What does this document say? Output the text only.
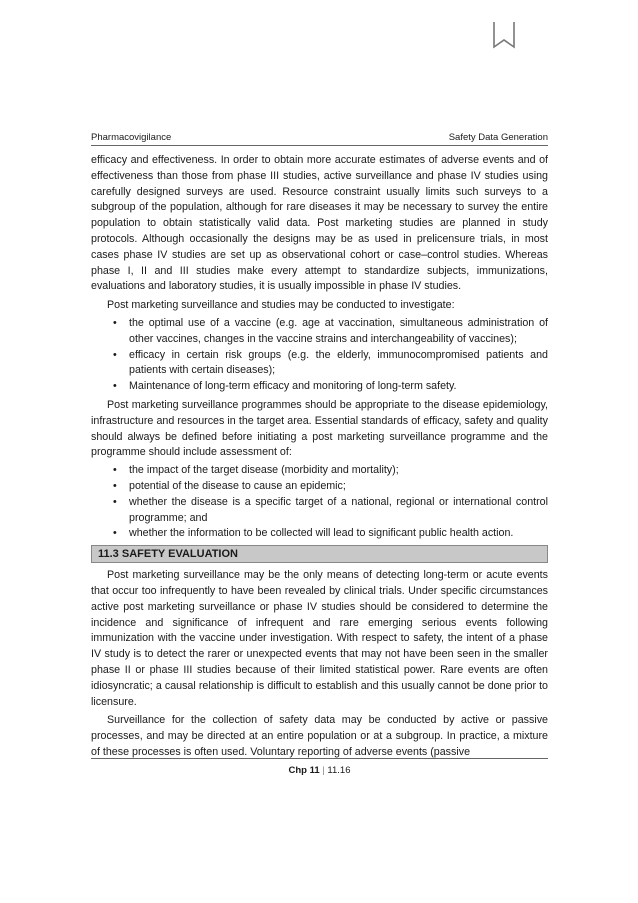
Pharmacovigilance	Safety Data Generation

efficacy and effectiveness. In order to obtain more accurate estimates of adverse events and of effectiveness than those from phase III studies, active surveillance and phase IV studies using carefully designed surveys are used. Resource constraint usually limits such surveys to a subgroup of the population, although for rare diseases it may be necessary to survey the entire population to obtain statistically valid data. Post marketing studies are planned in study protocols. Although occasionally the designs may be as used in prelicensure trials, in most cases phase IV studies are set up as observational cohort or case–control studies. Whereas phase I, II and III studies make every attempt to standardize subjects, immunizations, evaluations and laboratory studies, it is usually impossible in phase IV studies.

Post marketing surveillance and studies may be conducted to investigate:

• the optimal use of a vaccine (e.g. age at vaccination, simultaneous administration of other vaccines, changes in the vaccine strains and interchangeability of vaccines);
• efficacy in certain risk groups (e.g. the elderly, immunocompromised patients and patients with certain diseases);
• Maintenance of long-term efficacy and monitoring of long-term safety.

Post marketing surveillance programmes should be appropriate to the disease epidemiology, infrastructure and resources in the target area. Essential standards of efficacy, safety and quality should always be defined before initiating a post marketing surveillance programme and the programme should include assessment of:

• the impact of the target disease (morbidity and mortality);
• potential of the disease to cause an epidemic;
• whether the disease is a specific target of a national, regional or international control programme; and
• whether the information to be collected will lead to significant public health action.
11.3 SAFETY EVALUATION

Post marketing surveillance may be the only means of detecting long-term or acute events that occur too infrequently to have been revealed by clinical trials. Under specific circumstances active post marketing surveillance or phase IV studies should be considered to determine the incidence and significance of infrequent and rare emerging serious events following immunization with the vaccine under investigation. With respect to safety, the intent of a phase IV study is to detect the rarer or unexpected events that may not have been seen in the smaller phase II or phase III studies because of their limited statistical power. Rare events are often idiosyncratic; a causal relationship is difficult to establish and this usually cannot be done prior to licensure.

Surveillance for the collection of safety data may be conducted by active or passive processes, and may be directed at an entire population or at a subgroup. In practice, a mixture of these processes is often used. Voluntary reporting of adverse events (passive

Chp 11 | 11.16
